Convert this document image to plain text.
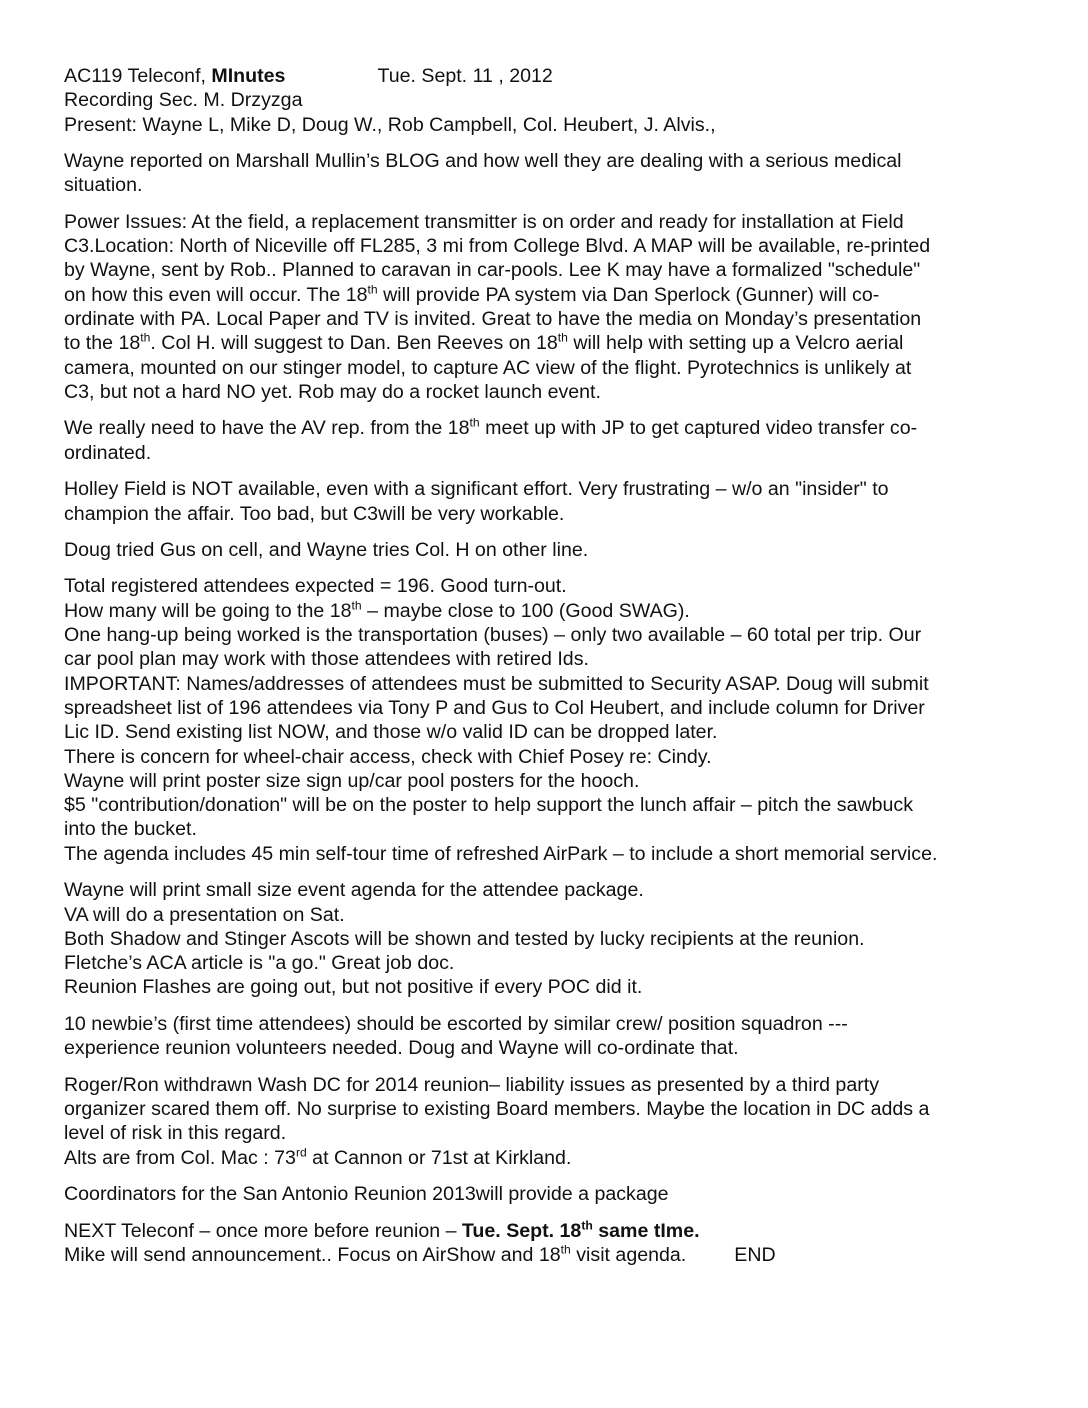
AC119 Teleconf, MInutes	Tue. Sept. 11 , 2012
Recording Sec. M. Drzyzga
Present: Wayne L, Mike D, Doug W., Rob Campbell, Col. Heubert, J. Alvis.,
Wayne reported on Marshall Mullin’s BLOG and how well they are dealing with a serious medical
situation.
Power Issues: At the field, a replacement transmitter is on order and ready for installation at Field
C3.Location: North of Niceville off FL285, 3 mi from College Blvd. A MAP will be available, re-printed
by Wayne, sent by Rob.. Planned to caravan in car-pools. Lee K may have a formalized "schedule"
on how this even will occur. The 18th will provide PA system via Dan Sperlock (Gunner) will co-
ordinate with PA. Local Paper and TV is invited. Great to have the media on Monday’s presentation
to the 18th. Col H. will suggest to Dan. Ben Reeves on 18th will help with setting up a Velcro aerial
camera, mounted on our stinger model, to capture AC view of the flight. Pyrotechnics is unlikely at
C3, but not a hard NO yet. Rob may do a rocket launch event.
We really need to have the AV rep. from the 18th meet up with JP to get captured video transfer co-
ordinated.
Holley Field is NOT available, even with a significant effort. Very frustrating – w/o an "insider" to
champion the affair. Too bad, but C3will be very workable.
Doug tried Gus on cell, and Wayne tries Col. H on other line.
Total registered attendees expected = 196. Good turn-out.
How many will be going to the 18th – maybe close to 100 (Good SWAG).
One hang-up being worked is the transportation (buses) – only two available – 60 total per trip. Our
car pool plan may work with those attendees with retired Ids.
IMPORTANT: Names/addresses of attendees must be submitted to Security ASAP. Doug will submit
spreadsheet list of 196 attendees via Tony P and Gus to Col Heubert, and include column for Driver
Lic ID. Send existing list NOW, and those w/o valid ID can be dropped later.
There is concern for wheel-chair access, check with Chief Posey re: Cindy.
Wayne will print poster size sign up/car pool posters for the hooch.
$5 "contribution/donation" will be on the poster to help support the lunch affair – pitch the sawbuck
into the bucket.
The agenda includes 45 min self-tour time of refreshed AirPark – to include a short memorial service.
Wayne will print small size event agenda for the attendee package.
VA will do a presentation on Sat.
Both Shadow and Stinger Ascots will be shown and tested by lucky recipients at the reunion.
Fletche’s ACA article is "a go." Great job doc.
Reunion Flashes are going out, but not positive if every POC did it.
10 newbie’s (first time attendees) should be escorted by similar crew/ position squadron ---
experience reunion volunteers needed. Doug and Wayne will co-ordinate that.
Roger/Ron withdrawn Wash DC for 2014 reunion– liability issues as presented by a third party
organizer scared them off. No surprise to existing Board members. Maybe the location in DC adds a
level of risk in this regard.
Alts are from Col. Mac : 73rd at Cannon or 71st at Kirkland.
Coordinators for the San Antonio Reunion 2013will provide a package
NEXT Teleconf – once more before reunion – Tue. Sept. 18th same tIme.
Mike will send announcement.. Focus on AirShow and 18th visit agenda. END
